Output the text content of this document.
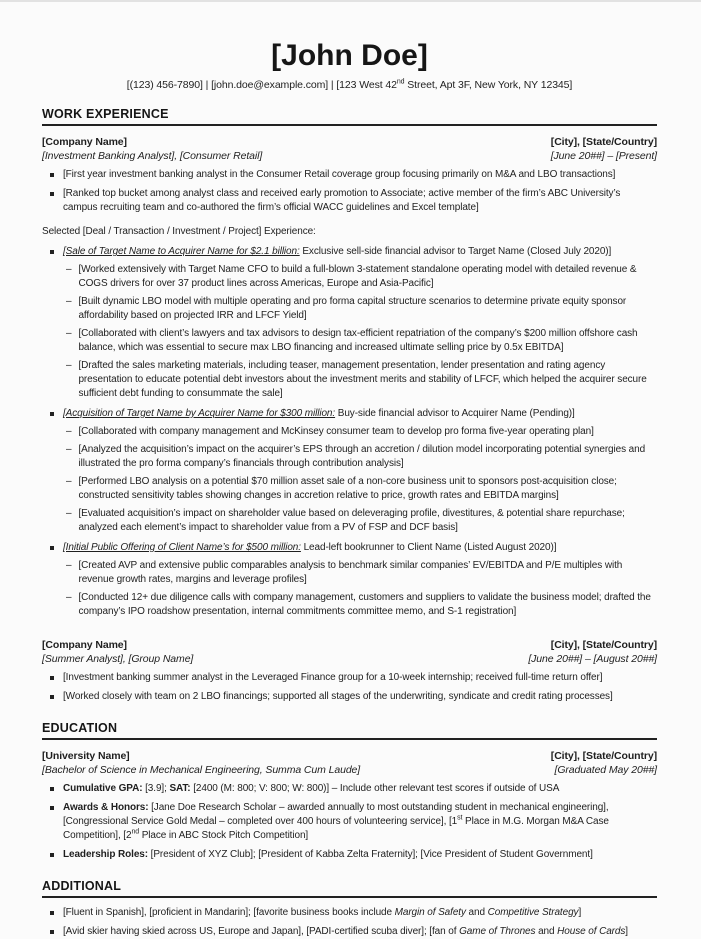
[John Doe]
[(123) 456-7890] | [john.doe@example.com] | [123 West 42nd Street, Apt 3F, New York, NY 12345]
WORK EXPERIENCE
[Company Name]	[City], [State/Country]
[Investment Banking Analyst], [Consumer Retail]	[June 20##] – [Present]
[First year investment banking analyst in the Consumer Retail coverage group focusing primarily on M&A and LBO transactions]
[Ranked top bucket among analyst class and received early promotion to Associate; active member of the firm’s ABC University’s campus recruiting team and co-authored the firm’s official WACC guidelines and Excel template]
Selected [Deal / Transaction / Investment / Project] Experience:
[Sale of Target Name to Acquirer Name for $2.1 billion: Exclusive sell-side financial advisor to Target Name (Closed July 2020)]
– [Worked extensively with Target Name CFO to build a full-blown 3-statement standalone operating model with detailed revenue & COGS drivers for over 37 product lines across Americas, Europe and Asia-Pacific]
– [Built dynamic LBO model with multiple operating and pro forma capital structure scenarios to determine private equity sponsor affordability based on projected IRR and LFCF Yield]
– [Collaborated with client’s lawyers and tax advisors to design tax-efficient repatriation of the company’s $200 million offshore cash balance, which was essential to secure max LBO financing and increased ultimate selling price by 0.5x EBITDA]
– [Drafted the sales marketing materials, including teaser, management presentation, lender presentation and rating agency presentation to educate potential debt investors about the investment merits and stability of LFCF, which helped the acquirer secure sufficient debt funding to consummate the sale]
[Acquisition of Target Name by Acquirer Name for $300 million: Buy-side financial advisor to Acquirer Name (Pending)]
– [Collaborated with company management and McKinsey consumer team to develop pro forma five-year operating plan]
– [Analyzed the acquisition’s impact on the acquirer’s EPS through an accretion / dilution model incorporating potential synergies and illustrated the pro forma company’s financials through contribution analysis]
– [Performed LBO analysis on a potential $70 million asset sale of a non-core business unit to sponsors post-acquisition close; constructed sensitivity tables showing changes in accretion relative to price, growth rates and EBITDA margins]
– [Evaluated acquisition’s impact on shareholder value based on deleveraging profile, divestitures, & potential share repurchase; analyzed each element’s impact to shareholder value from a PV of FSP and DCF basis]
[Initial Public Offering of Client Name’s for $500 million: Lead-left bookrunner to Client Name (Listed August 2020)]
– [Created AVP and extensive public comparables analysis to benchmark similar companies’ EV/EBITDA and P/E multiples with revenue growth rates, margins and leverage profiles]
– [Conducted 12+ due diligence calls with company management, customers and suppliers to validate the business model; drafted the company’s IPO roadshow presentation, internal commitments committee memo, and S-1 registration]
[Company Name]	[City], [State/Country]
[Summer Analyst], [Group Name]	[June 20##] – [August 20##]
[Investment banking summer analyst in the Leveraged Finance group for a 10-week internship; received full-time return offer]
[Worked closely with team on 2 LBO financings; supported all stages of the underwriting, syndicate and credit rating processes]
EDUCATION
[University Name]	[City], [State/Country]
[Bachelor of Science in Mechanical Engineering, Summa Cum Laude]	[Graduated May 20##]
Cumulative GPA: [3.9]; SAT: [2400 (M: 800; V: 800; W: 800)] – Include other relevant test scores if outside of USA
Awards & Honors: [Jane Doe Research Scholar – awarded annually to most outstanding student in mechanical engineering], [Congressional Service Gold Medal – completed over 400 hours of volunteering service], [1st Place in M.G. Morgan M&A Case Competition], [2nd Place in ABC Stock Pitch Competition]
Leadership Roles: [President of XYZ Club]; [President of Kabba Zelta Fraternity]; [Vice President of Student Government]
ADDITIONAL
[Fluent in Spanish], [proficient in Mandarin]; [favorite business books include Margin of Safety and Competitive Strategy]
[Avid skier having skied across US, Europe and Japan], [PADI-certified scuba diver]; [fan of Game of Thrones and House of Cards]
